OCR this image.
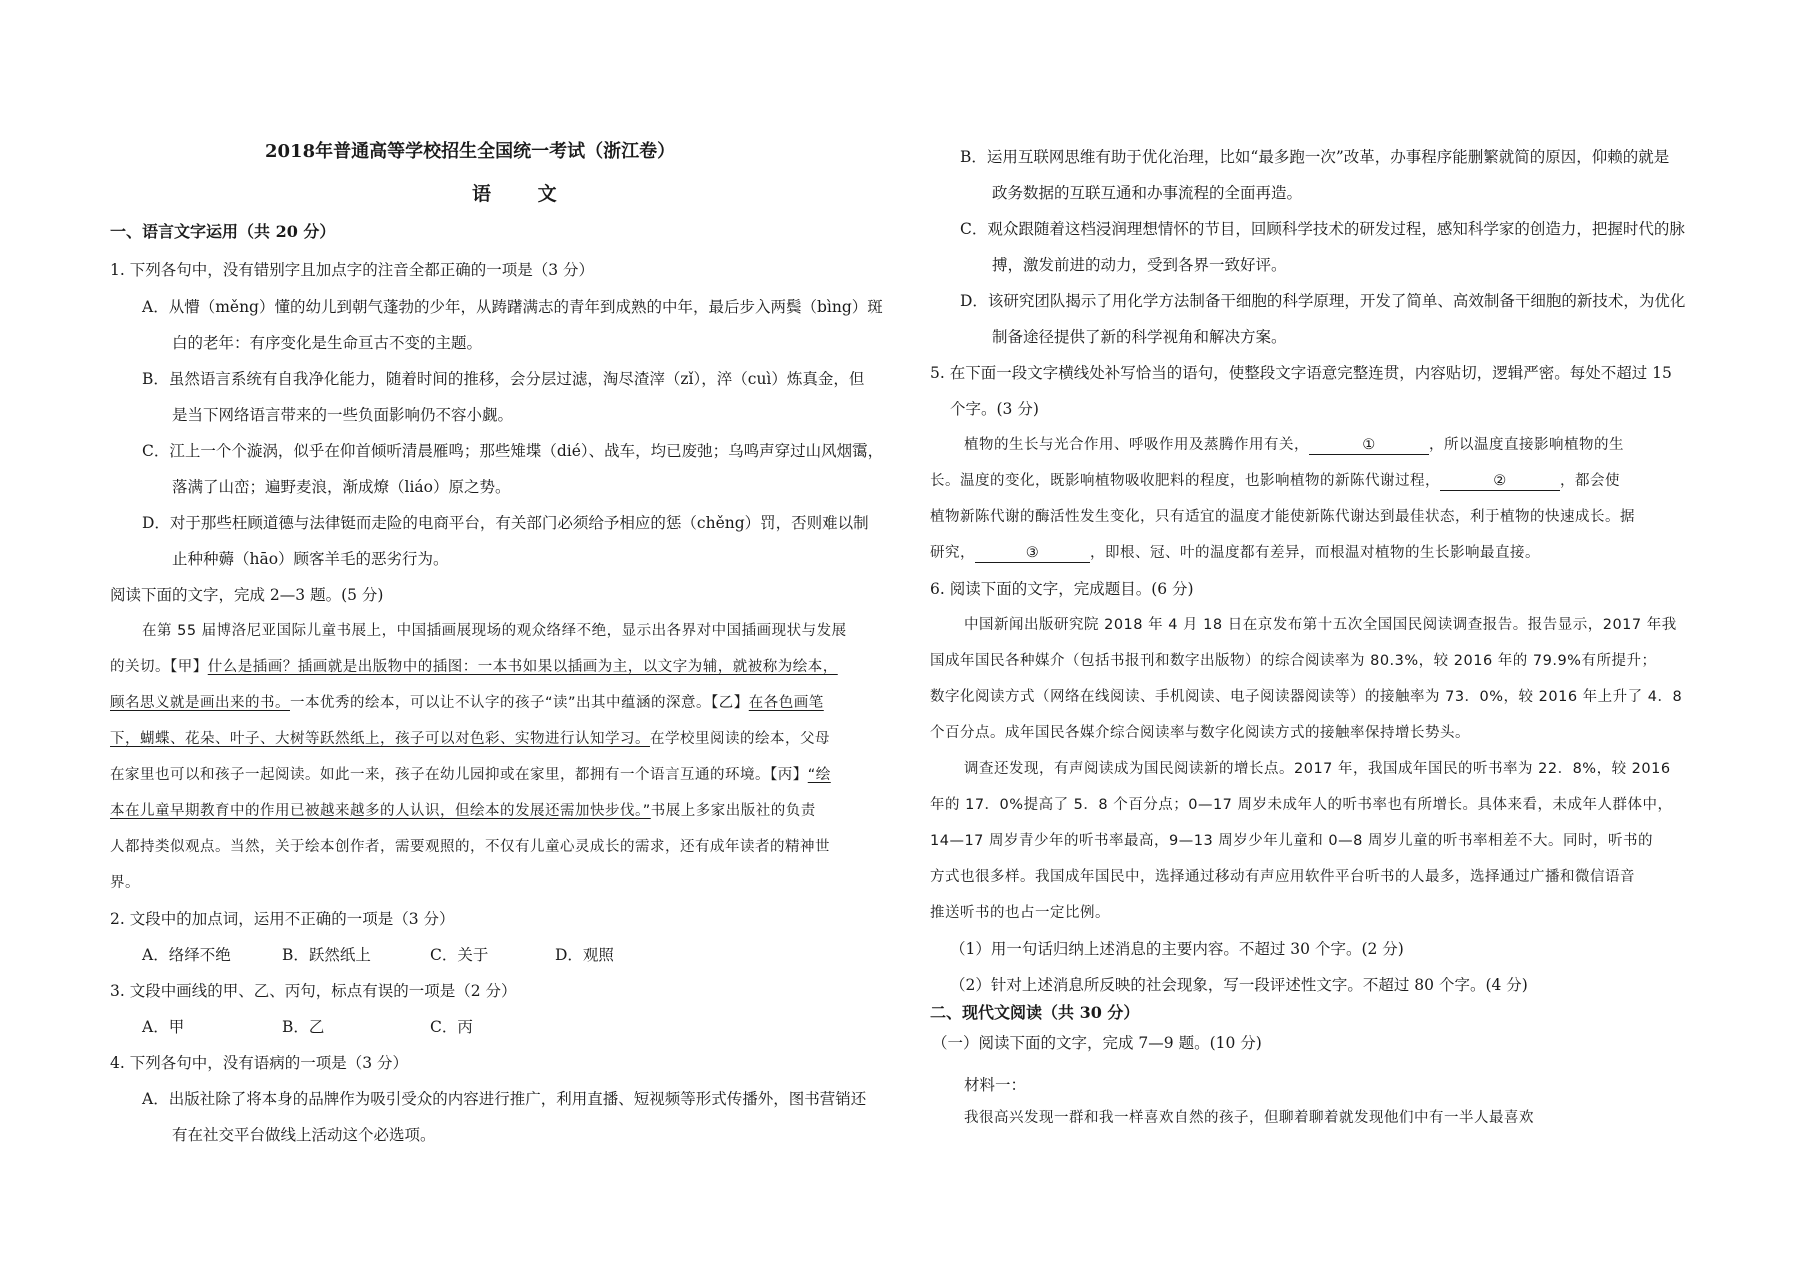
2018年普通高等学校招生全国统一考试（浙江卷）
语 文
一、语言文字运用（共 20 分）
1. 下列各句中，没有错别字且加点字的注音全都正确的一项是（3 分）
A．从懵（měng）懂的幼儿到朝气蓬勃的少年，从踌躇满志的青年到成熟的中年，最后步入两鬓（bìng）斑
白的老年：有序变化是生命亘古不变的主题。
B．虽然语言系统有自我净化能力，随着时间的推移，会分层过滤，淘尽渣滓（zǐ），淬（cuì）炼真金，但
是当下网络语言带来的一些负面影响仍不容小觑。
C．江上一个个漩涡，似乎在仰首倾听清晨雁鸣；那些雉堞（dié）、战车，均已废弛；乌鸣声穿过山风烟霭，
落满了山峦；遍野麦浪，渐成燎（liáo）原之势。
D．对于那些枉顾道德与法律铤而走险的电商平台，有关部门必须给予相应的惩（chěng）罚，否则难以制
止种种薅（hāo）顾客羊毛的恶劣行为。
阅读下面的文字，完成 2—3 题。(5 分)
在第 55 届博洛尼亚国际儿童书展上，中国插画展现场的观众络绎不绝，显示出各界对中国插画现状与发展
的关切。【甲】什么是插画？插画就是出版物中的插图：一本书如果以插画为主，以文字为辅，就被称为绘本，
顾名思义就是画出来的书。一本优秀的绘本，可以让不认字的孩子“读”出其中蕴涵的深意。【乙】在各色画笔
下，蝴蝶、花朵、叶子、大树等跃然纸上，孩子可以对色彩、实物进行认知学习。在学校里阅读的绘本，父母
在家里也可以和孩子一起阅读。如此一来，孩子在幼儿园抑或在家里，都拥有一个语言互通的环境。【丙】“绘
本在儿童早期教育中的作用已被越来越多的人认识，但绘本的发展还需加快步伐。”书展上多家出版社的负责
人都持类似观点。当然，关于绘本创作者，需要观照的，不仅有儿童心灵成长的需求，还有成年读者的精神世
界。
2. 文段中的加点词，运用不正确的一项是（3 分）
A．络绎不绝	B．跃然纸上	C．关于	D．观照
3. 文段中画线的甲、乙、丙句，标点有误的一项是（2 分）
A．甲	B．乙	C．丙
4. 下列各句中，没有语病的一项是（3 分）
A．出版社除了将本身的品牌作为吸引受众的内容进行推广，利用直播、短视频等形式传播外，图书营销还
有在社交平台做线上活动这个必选项。
B．运用互联网思维有助于优化治理，比如“最多跑一次”改革，办事程序能删繁就简的原因，仰赖的就是
政务数据的互联互通和办事流程的全面再造。
C．观众跟随着这档浸润理想情怀的节目，回顾科学技术的研发过程，感知科学家的创造力，把握时代的脉
搏，激发前进的动力，受到各界一致好评。
D．该研究团队揭示了用化学方法制备干细胞的科学原理，开发了简单、高效制备干细胞的新技术，为优化
制备途径提供了新的科学视角和解决方案。
5. 在下面一段文字横线处补写恰当的语句，使整段文字语意完整连贯，内容贴切，逻辑严密。每处不超过 15
个字。(3 分)
植物的生长与光合作用、呼吸作用及蒸腾作用有关，	①	，所以温度直接影响植物的生
长。温度的变化，既影响植物吸收肥料的程度，也影响植物的新陈代谢过程，	②	，都会使
植物新陈代谢的酶活性发生变化，只有适宜的温度才能使新陈代谢达到最佳状态，利于植物的快速成长。据
研究，	③	，即根、冠、叶的温度都有差异，而根温对植物的生长影响最直接。
6. 阅读下面的文字，完成题目。(6 分)
中国新闻出版研究院 2018 年 4 月 18 日在京发布第十五次全国国民阅读调查报告。报告显示，2017 年我
国成年国民各种媒介（包括书报刊和数字出版物）的综合阅读率为 80.3%，较 2016 年的 79.9%有所提升；
数字化阅读方式（网络在线阅读、手机阅读、电子阅读器阅读等）的接触率为 73．0%，较 2016 年上升了 4．8
个百分点。成年国民各媒介综合阅读率与数字化阅读方式的接触率保持增长势头。
调查还发现，有声阅读成为国民阅读新的增长点。2017 年，我国成年国民的听书率为 22．8%，较 2016
年的 17．0%提高了 5．8 个百分点；0—17 周岁未成年人的听书率也有所增长。具体来看，未成年人群体中，
14—17 周岁青少年的听书率最高，9—13 周岁少年儿童和 0—8 周岁儿童的听书率相差不大。同时，听书的
方式也很多样。我国成年国民中，选择通过移动有声应用软件平台听书的人最多，选择通过广播和微信语音
推送听书的也占一定比例。
（1）用一句话归纳上述消息的主要内容。不超过 30 个字。(2 分)
（2）针对上述消息所反映的社会现象，写一段评述性文字。不超过 80 个字。(4 分)
二、现代文阅读（共 30 分）
（一）阅读下面的文字，完成 7—9 题。(10 分)
材料一：
我很高兴发现一群和我一样喜欢自然的孩子，但聊着聊着就发现他们中有一半人最喜欢
